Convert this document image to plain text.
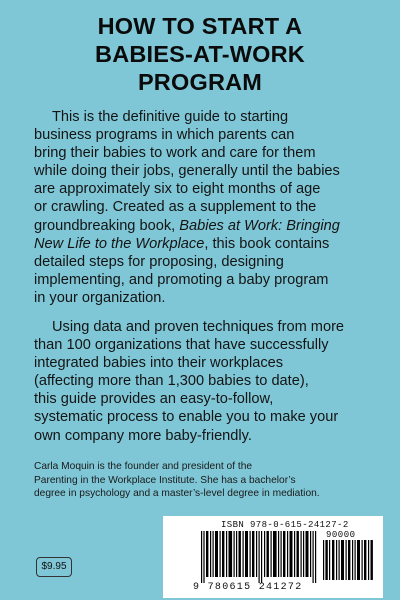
HOW TO START A
BABIES-AT-WORK
PROGRAM
This is the definitive guide to starting
business programs in which parents can
bring their babies to work and care for them
while doing their jobs, generally until the babies
are approximately six to eight months of age
or crawling. Created as a supplement to the
groundbreaking book, Babies at Work: Bringing
New Life to the Workplace, this book contains
detailed steps for proposing, designing
implementing, and promoting a baby program
in your organization.
Using data and proven techniques from more
than 100 organizations that have successfully
integrated babies into their workplaces
(affecting more than 1,300 babies to date),
this guide provides an easy-to-follow,
systematic process to enable you to make your
own company more baby-friendly.
Carla Moquin is the founder and president of the
Parenting in the Workplace Institute. She has a bachelor’s
degree in psychology and a master’s-level degree in mediation.
$9.95
ISBN 978-0-615-24127-2
90000
9 780615 241272
